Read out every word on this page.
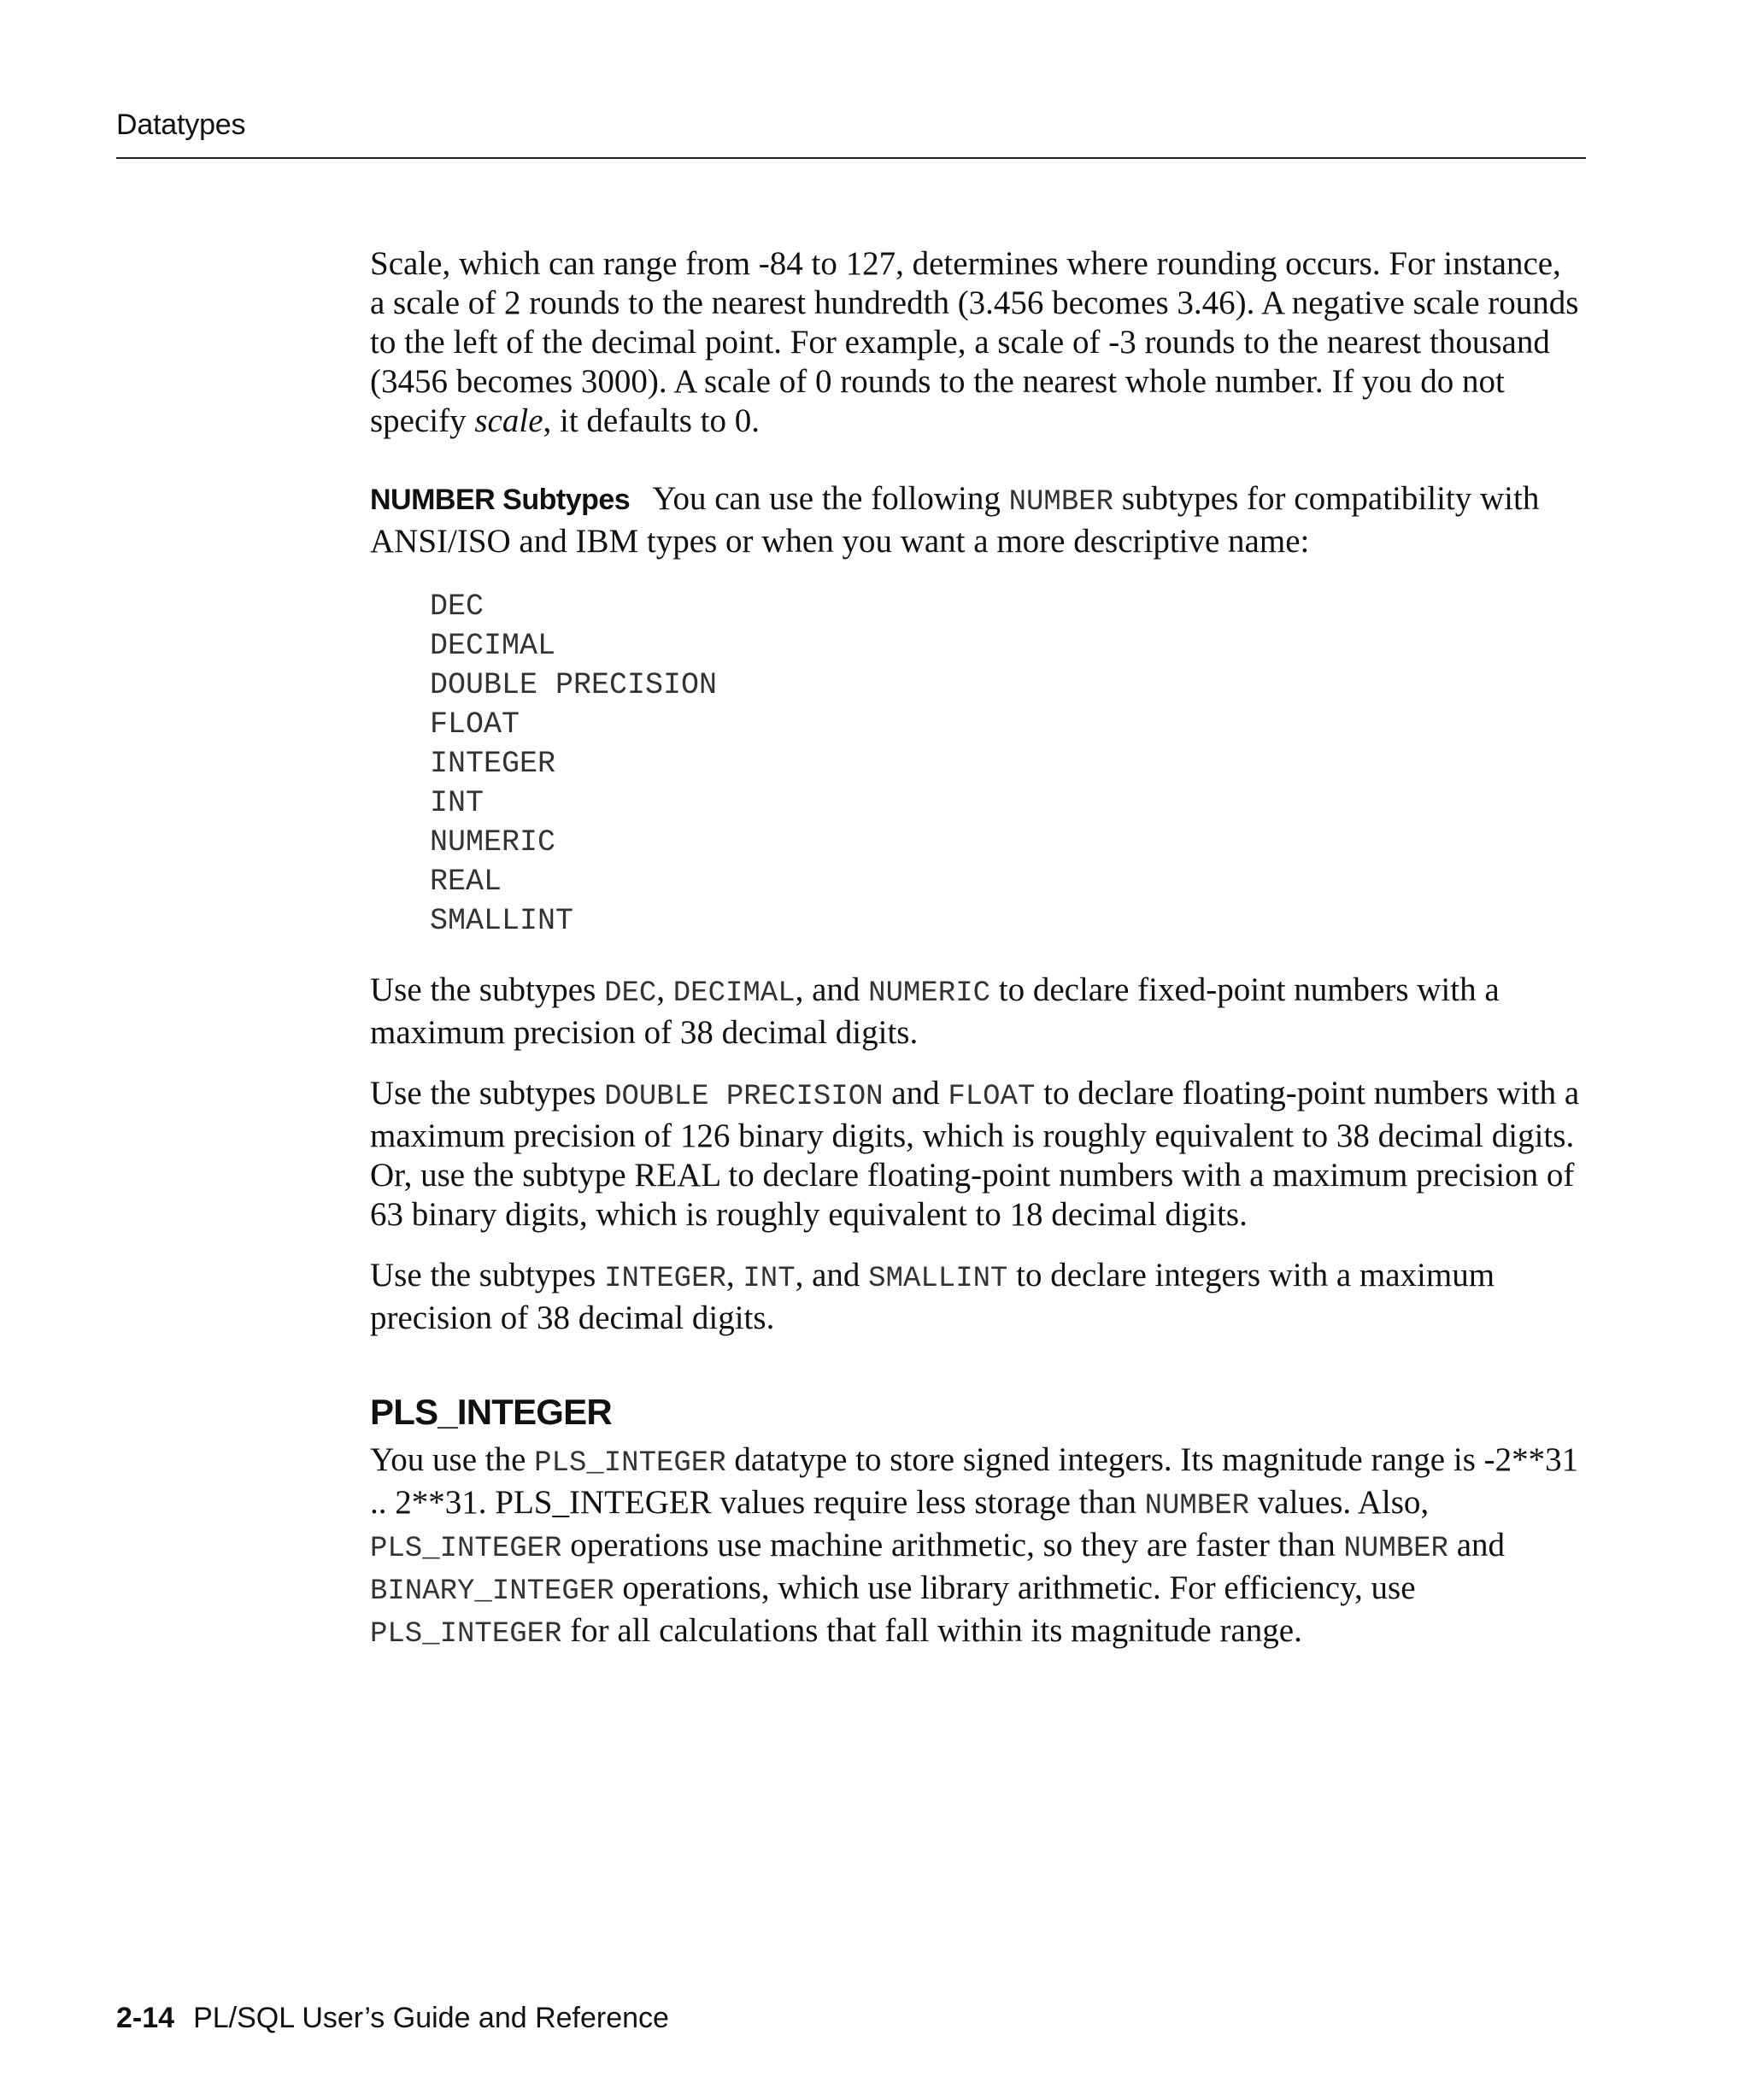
Datatypes

Scale, which can range from -84 to 127, determines where rounding occurs. For instance, a scale of 2 rounds to the nearest hundredth (3.456 becomes 3.46). A negative scale rounds to the left of the decimal point. For example, a scale of -3 rounds to the nearest thousand (3456 becomes 3000). A scale of 0 rounds to the nearest whole number. If you do not specify scale, it defaults to 0.

NUMBER Subtypes You can use the following NUMBER subtypes for compatibility with ANSI/ISO and IBM types or when you want a more descriptive name:

DEC
DECIMAL
DOUBLE PRECISION
FLOAT
INTEGER
INT
NUMERIC
REAL
SMALLINT

Use the subtypes DEC, DECIMAL, and NUMERIC to declare fixed-point numbers with a maximum precision of 38 decimal digits.

Use the subtypes DOUBLE PRECISION and FLOAT to declare floating-point numbers with a maximum precision of 126 binary digits, which is roughly equivalent to 38 decimal digits. Or, use the subtype REAL to declare floating-point numbers with a maximum precision of 63 binary digits, which is roughly equivalent to 18 decimal digits.

Use the subtypes INTEGER, INT, and SMALLINT to declare integers with a maximum precision of 38 decimal digits.

PLS_INTEGER

You use the PLS_INTEGER datatype to store signed integers. Its magnitude range is -2**31 .. 2**31. PLS_INTEGER values require less storage than NUMBER values. Also, PLS_INTEGER operations use machine arithmetic, so they are faster than NUMBER and BINARY_INTEGER operations, which use library arithmetic. For efficiency, use PLS_INTEGER for all calculations that fall within its magnitude range.

2-14 PL/SQL User’s Guide and Reference
